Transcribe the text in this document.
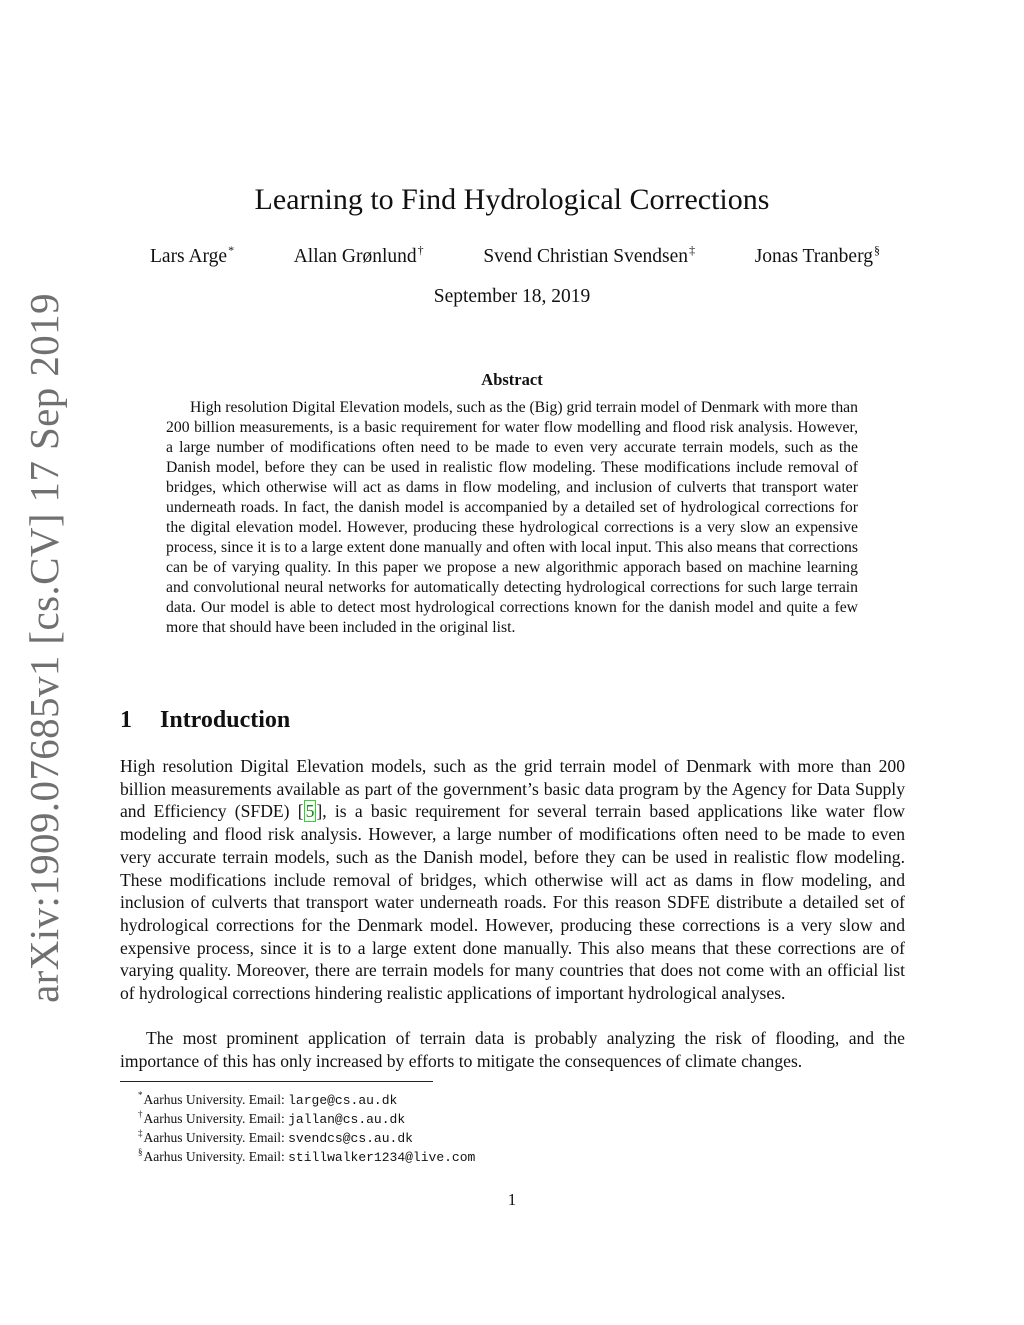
arXiv:1909.07685v1 [cs.CV] 17 Sep 2019
Learning to Find Hydrological Corrections
Lars Arge*	Allan Grønlund†	Svend Christian Svendsen‡	Jonas Tranberg§
September 18, 2019
Abstract

High resolution Digital Elevation models, such as the (Big) grid terrain model of Denmark with more than 200 billion measurements, is a basic requirement for water flow modelling and flood risk analysis. However, a large number of modifications often need to be made to even very accurate terrain models, such as the Danish model, before they can be used in realistic flow modeling. These modifications include removal of bridges, which otherwise will act as dams in flow modeling, and inclusion of culverts that transport water underneath roads. In fact, the danish model is accompanied by a detailed set of hydrological corrections for the digital elevation model. However, producing these hydrological corrections is a very slow an expensive process, since it is to a large extent done manually and often with local input. This also means that corrections can be of varying quality. In this paper we propose a new algorithmic apporach based on machine learning and convolutional neural networks for automatically detecting hydrological corrections for such large terrain data. Our model is able to detect most hydrological corrections known for the danish model and quite a few more that should have been included in the original list.

1 Introduction

High resolution Digital Elevation models, such as the grid terrain model of Denmark with more than 200 billion measurements available as part of the government’s basic data program by the Agency for Data Supply and Efficiency (SFDE) [ 5 ], is a basic requirement for several terrain based applications like water flow modeling and flood risk analysis. However, a large number of modifications often need to be made to even very accurate terrain models, such as the Danish model, before they can be used in realistic flow modeling. These modifications include removal of bridges, which otherwise will act as dams in flow modeling, and inclusion of culverts that transport water underneath roads. For this reason SDFE distribute a detailed set of hydrological corrections for the Denmark model. However, producing these corrections is a very slow and expensive process, since it is to a large extent done manually. This also means that these corrections are of varying quality. Moreover, there are terrain models for many countries that does not come with an official list of hydrological corrections hindering realistic applications of important hydrological analyses.

The most prominent application of terrain data is probably analyzing the risk of flooding, and the importance of this has only increased by efforts to mitigate the consequences of climate changes.

*Aarhus University. Email: large@cs.au.dk
†Aarhus University. Email: jallan@cs.au.dk
‡Aarhus University. Email: svendcs@cs.au.dk
§Aarhus University. Email: stillwalker1234@live.com
1
